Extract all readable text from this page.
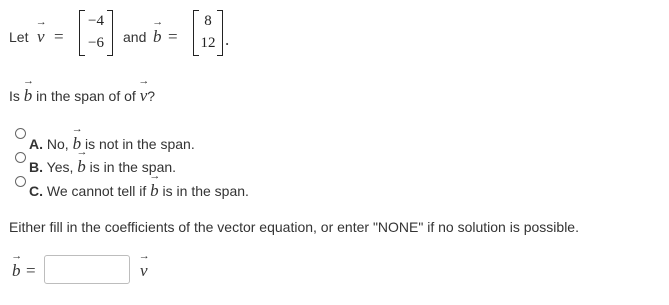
Let → v =
−4
−6	and → b =
8
12 .
Is → b in the span of of → v?
A. No, → b is not in the span.
B. Yes, → b is in the span.
C. We cannot tell if → b is in the span.
Either fill in the coefficients of the vector equation, or enter "NONE" if no solution is possible.
→ b =	→ v
